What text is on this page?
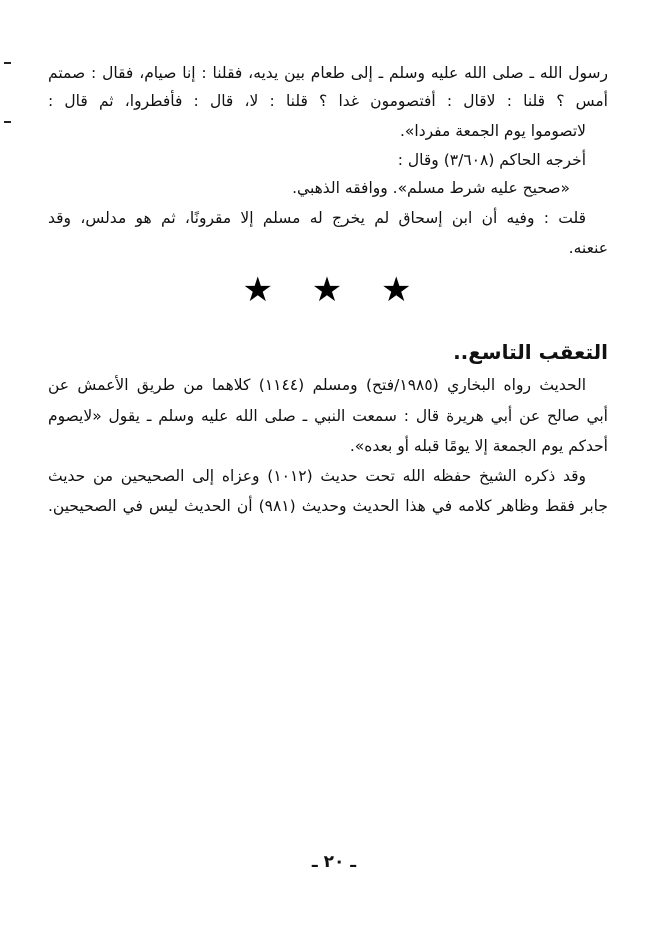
رسول الله ـ صلى الله عليه وسلم ـ إلى طعام بين يديه، فقلنا : إنا صيام، فقال : صمتم
أمس ؟ قلنا : لاقال : أفتصومون غدا ؟ قلنا : لا، قال : فأفطروا، ثم قال :
لاتصوموا يوم الجمعة مفردا».
أخرجه الحاكم (٣/٦٠٨) وقال :
«صحيح عليه شرط مسلم». ووافقه الذهبي.
قلت : وفيه أن ابن إسحاق لم يخرج له مسلم إلا مقرونًا، ثم هو مدلس، وقد
عنعنه.
★ ★ ★
التعقب التاسع..
الحديث رواه البخاري (١٩٨٥/فتح) ومسلم (١١٤٤) كلاهما من طريق الأعمش عن
أبي صالح عن أبي هريرة قال : سمعت النبي ـ صلى الله عليه وسلم ـ يقول «لايصوم
أحدكم يوم الجمعة إلا يومًا قبله أو بعده».
وقد ذكره الشيخ حفظه الله تحت حديث (١٠١٢) وعزاه إلى الصحيحين من حديث
جابر فقط وظاهر كلامه في هذا الحديث وحديث (٩٨١) أن الحديث ليس في الصحيحين.
ـ ٢٠ ـ
